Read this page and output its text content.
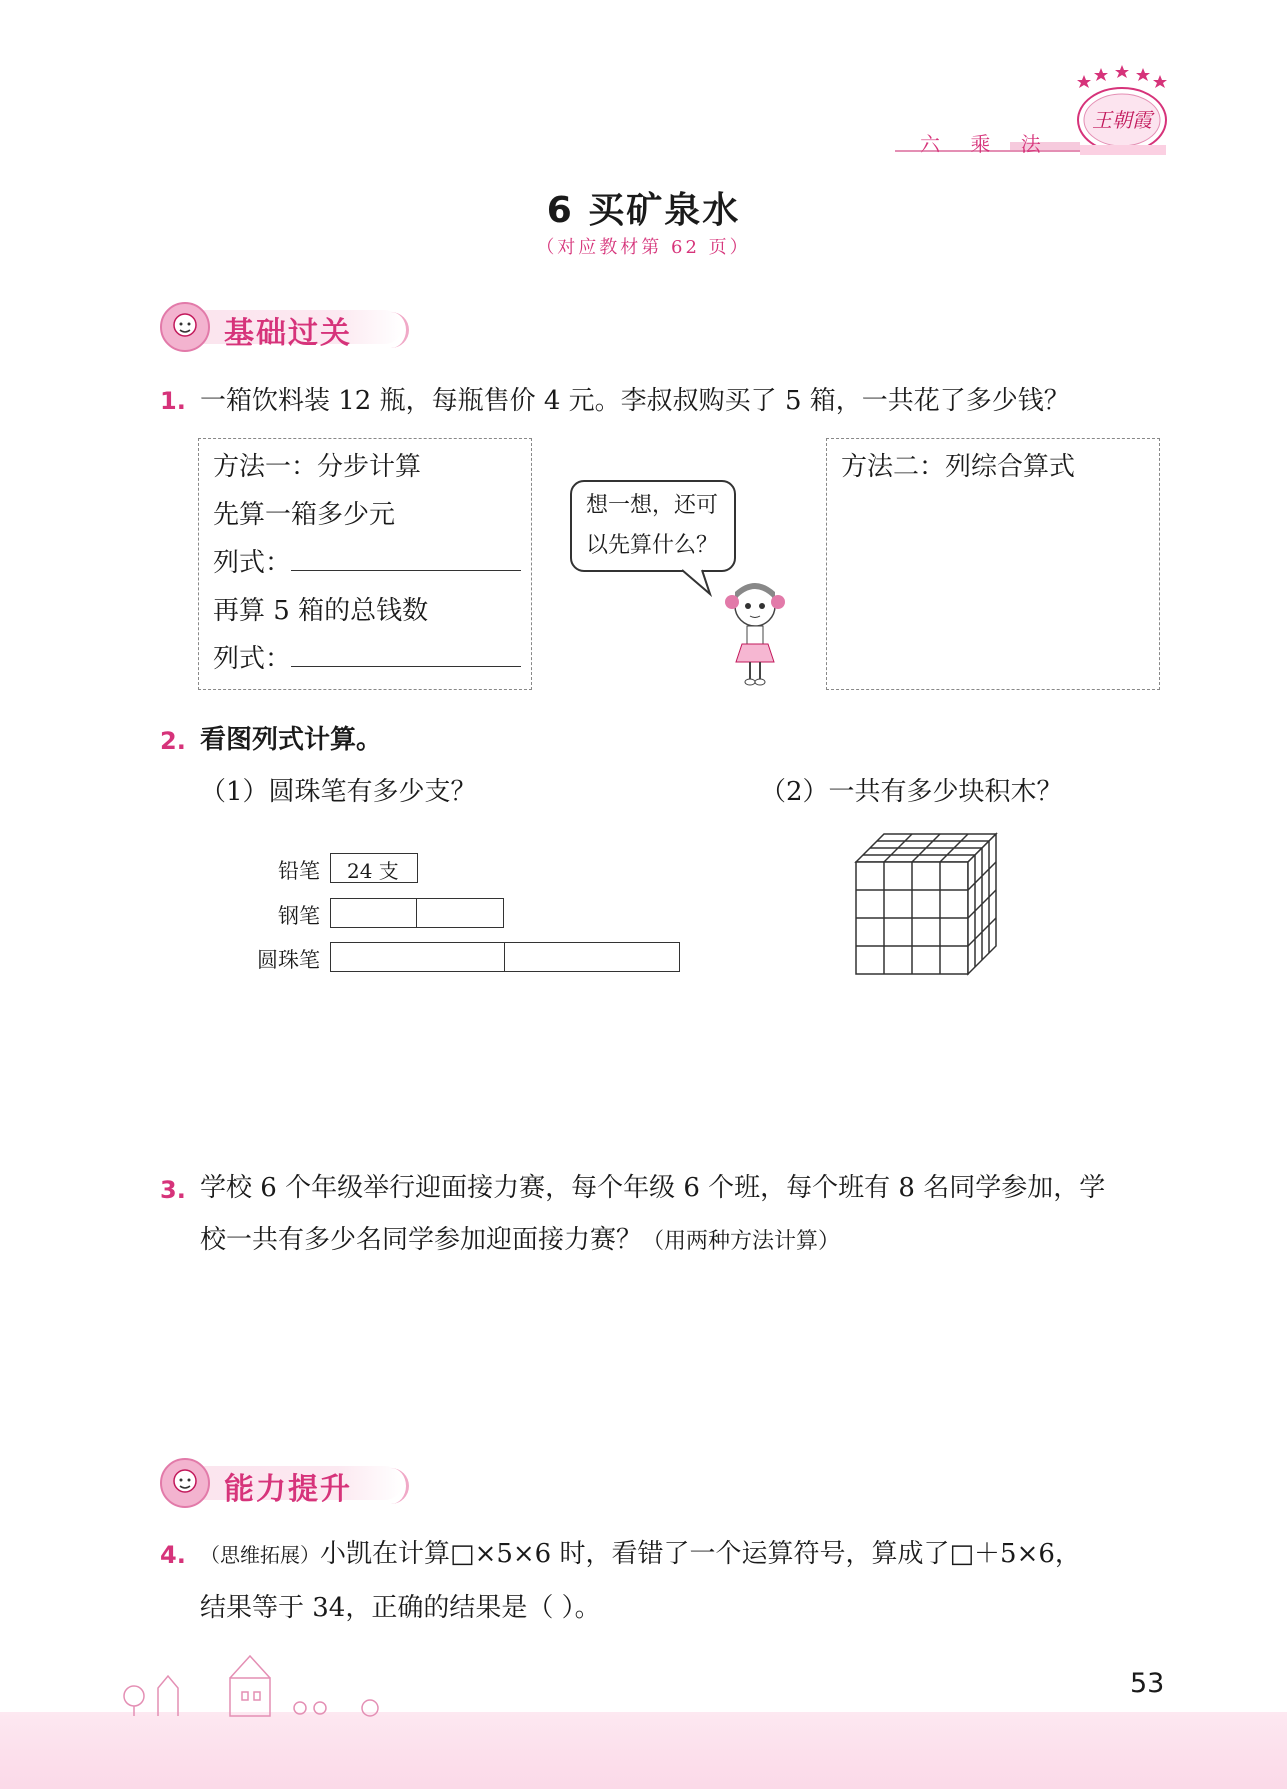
六 乘 法
王朝霞
6 买矿泉水
（对应教材第 62 页）
基础过关
1. 一箱饮料装 12 瓶，每瓶售价 4 元。李叔叔购买了 5 箱，一共花了多少钱？
方法一：分步计算
先算一箱多少元
列式：
再算 5 箱的总钱数
列式：
想一想，还可
以先算什么？
方法二：列综合算式
2. 看图列式计算。
（1）圆珠笔有多少支？	（2）一共有多少块积木？
铅笔 24 支
钢笔
圆珠笔
3. 学校 6 个年级举行迎面接力赛，每个年级 6 个班，每个班有 8 名同学参加，学
校一共有多少名同学参加迎面接力赛？（用两种方法计算）
能力提升
4. （思维拓展）小凯在计算□×5×6 时，看错了一个运算符号，算成了□＋5×6，
结果等于 34，正确的结果是（ ）。
53
